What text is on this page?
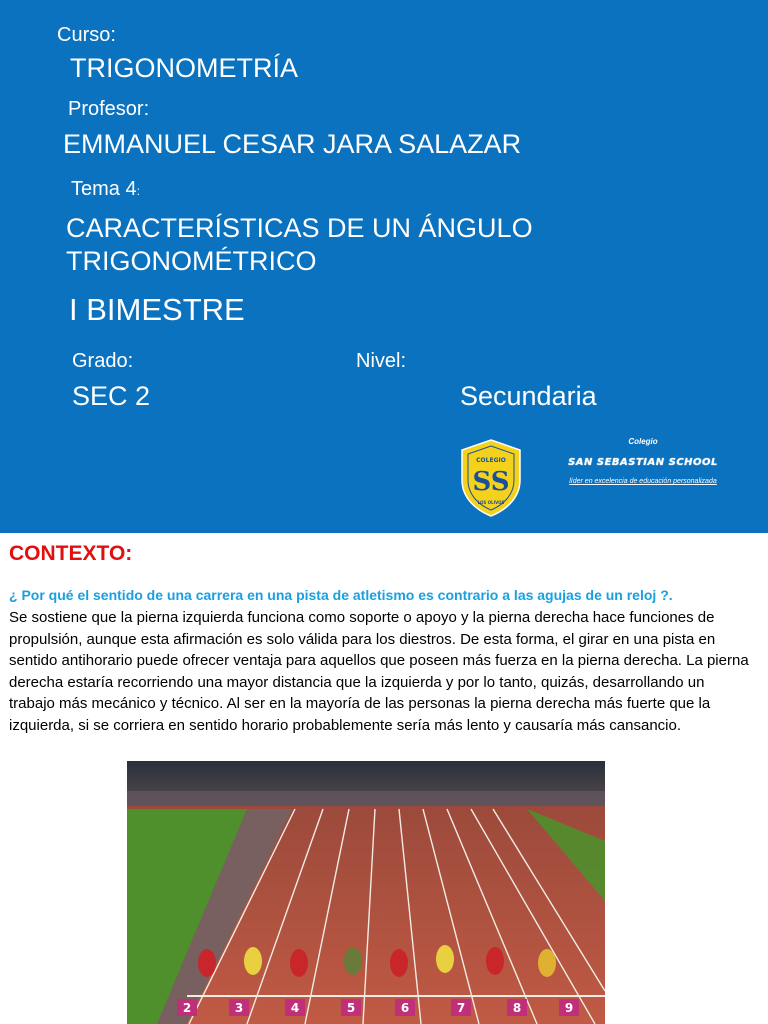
Curso:
TRIGONOMETRÍA
Profesor:
EMMANUEL CESAR JARA SALAZAR
Tema 4:
CARACTERÍSTICAS DE UN ÁNGULO
TRIGONOMÉTRICO
I BIMESTRE
Grado:
SEC 2
Nivel:
Secundaria
COLEGIO
SS
LOS OLIVOS
Colegio
SAN SEBASTIAN SCHOOL
líder en excelencia de educación personalizada
CONTEXTO:
¿ Por qué el sentido de una carrera en una pista de atletismo es contrario a las agujas de un reloj ?.
Se sostiene que la pierna izquierda funciona como soporte o apoyo y la pierna derecha hace funciones de propulsión, aunque esta afirmación es solo válida para los diestros. De esta forma, el girar en una pista en sentido antihorario puede ofrecer ventaja para aquellos que poseen más fuerza en la pierna derecha. La pierna derecha estaría recorriendo una mayor distancia que la izquierda y por lo tanto, quizás, desarrollando un trabajo más mecánico y técnico. Al ser en la mayoría de las personas la pierna derecha más fuerte que la izquierda, si se corriera en sentido horario probablemente sería más lento y causaría más cansancio.
2	3	4	5	6	7	8	9
